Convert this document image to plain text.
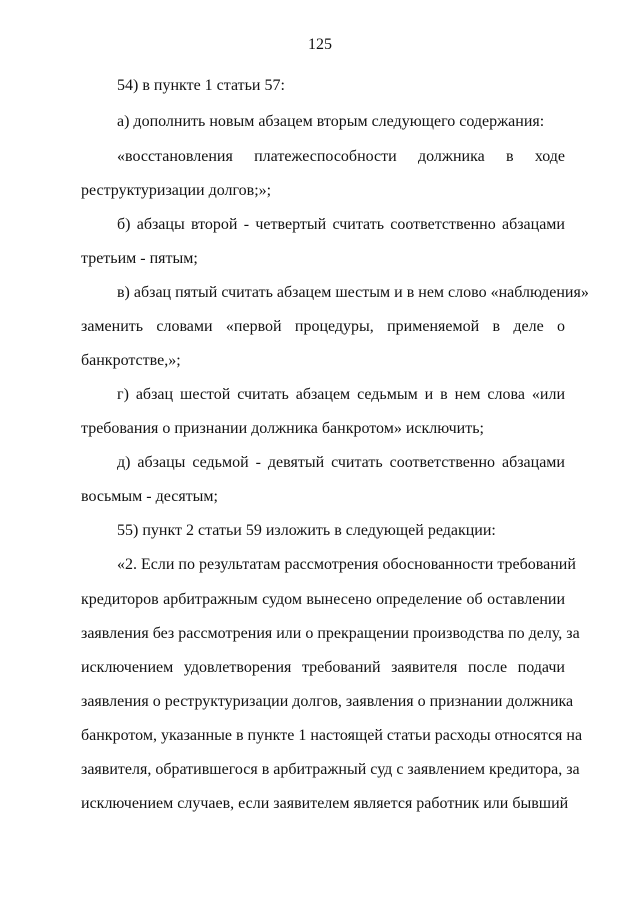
125
54) в пункте 1 статьи 57:
а) дополнить новым абзацем вторым следующего содержания:
«восстановления платежеспособности должника в ходе
реструктуризации долгов;»;
б) абзацы второй - четвертый считать соответственно абзацами
третьим - пятым;
в) абзац пятый считать абзацем шестым и в нем слово «наблюдения»
заменить словами «первой процедуры, применяемой в деле о
банкротстве,»;
г) абзац шестой считать абзацем седьмым и в нем слова «или
требования о признании должника банкротом» исключить;
д) абзацы седьмой - девятый считать соответственно абзацами
восьмым - десятым;
55) пункт 2 статьи 59 изложить в следующей редакции:
«2. Если по результатам рассмотрения обоснованности требований
кредиторов арбитражным судом вынесено определение об оставлении
заявления без рассмотрения или о прекращении производства по делу, за
исключением удовлетворения требований заявителя после подачи
заявления о реструктуризации долгов, заявления о признании должника
банкротом, указанные в пункте 1 настоящей статьи расходы относятся на
заявителя, обратившегося в арбитражный суд с заявлением кредитора, за
исключением случаев, если заявителем является работник или бывший
